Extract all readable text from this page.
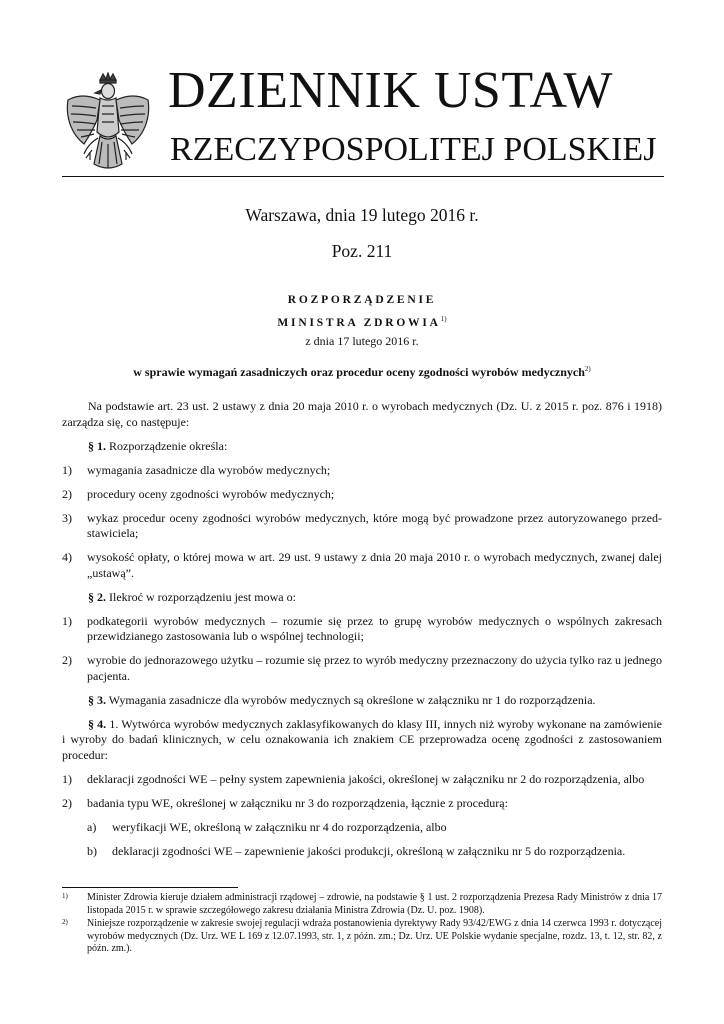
DZIENNIK USTAW
RZECZYPOSPOLITEJ POLSKIEJ
Warszawa, dnia 19 lutego 2016 r.
Poz. 211
ROZPORZĄDZENIE
MINISTRA ZDROWIA$^{1)}$
z dnia 17 lutego 2016 r.
w sprawie wymagań zasadniczych oraz procedur oceny zgodności wyrobów medycznych$^{2)}$

Na podstawie art. 23 ust. 2 ustawy z dnia 20 maja 2010 r. o wyrobach medycznych (Dz. U. z 2015 r. poz. 876 i 1918) zarządza się, co następuje:

§ 1. Rozporządzenie określa:

1) wymagania zasadnicze dla wyrobów medycznych;
2) procedury oceny zgodności wyrobów medycznych;
3) wykaz procedur oceny zgodności wyrobów medycznych, które mogą być prowadzone przez autoryzowanego przedstawiciela;
4) wysokość opłaty, o której mowa w art. 29 ust. 9 ustawy z dnia 20 maja 2010 r. o wyrobach medycznych, zwanej dalej „ustawą”.

§ 2. Ilekroć w rozporządzeniu jest mowa o:

1) podkategorii wyrobów medycznych – rozumie się przez to grupę wyrobów medycznych o wspólnych zakresach przewidzianego zastosowania lub o wspólnej technologii;
2) wyrobie do jednorazowego użytku – rozumie się przez to wyrób medyczny przeznaczony do użycia tylko raz u jednego pacjenta.

§ 3. Wymagania zasadnicze dla wyrobów medycznych są określone w załączniku nr 1 do rozporządzenia.

§ 4. 1. Wytwórca wyrobów medycznych zaklasyfikowanych do klasy III, innych niż wyroby wykonane na zamówienie i wyroby do badań klinicznych, w celu oznakowania ich znakiem CE przeprowadza ocenę zgodności z zastosowaniem procedur:

1) deklaracji zgodności WE – pełny system zapewnienia jakości, określonej w załączniku nr 2 do rozporządzenia, albo
2) badania typu WE, określonej w załączniku nr 3 do rozporządzenia, łącznie z procedurą:
a) weryfikacji WE, określoną w załączniku nr 4 do rozporządzenia, albo
b) deklaracji zgodności WE – zapewnienie jakości produkcji, określoną w załączniku nr 5 do rozporządzenia.
1) Minister Zdrowia kieruje działem administracji rządowej – zdrowie, na podstawie § 1 ust. 2 rozporządzenia Prezesa Rady Ministrów z dnia 17 listopada 2015 r. w sprawie szczegółowego zakresu działania Ministra Zdrowia (Dz. U. poz. 1908).
2) Niniejsze rozporządzenie w zakresie swojej regulacji wdraża postanowienia dyrektywy Rady 93/42/EWG z dnia 14 czerwca 1993 r. dotyczącej wyrobów medycznych (Dz. Urz. WE L 169 z 12.07.1993, str. 1, z późn. zm.; Dz. Urz. UE Polskie wydanie specjalne, rozdz. 13, t. 12, str. 82, z późn. zm.).
